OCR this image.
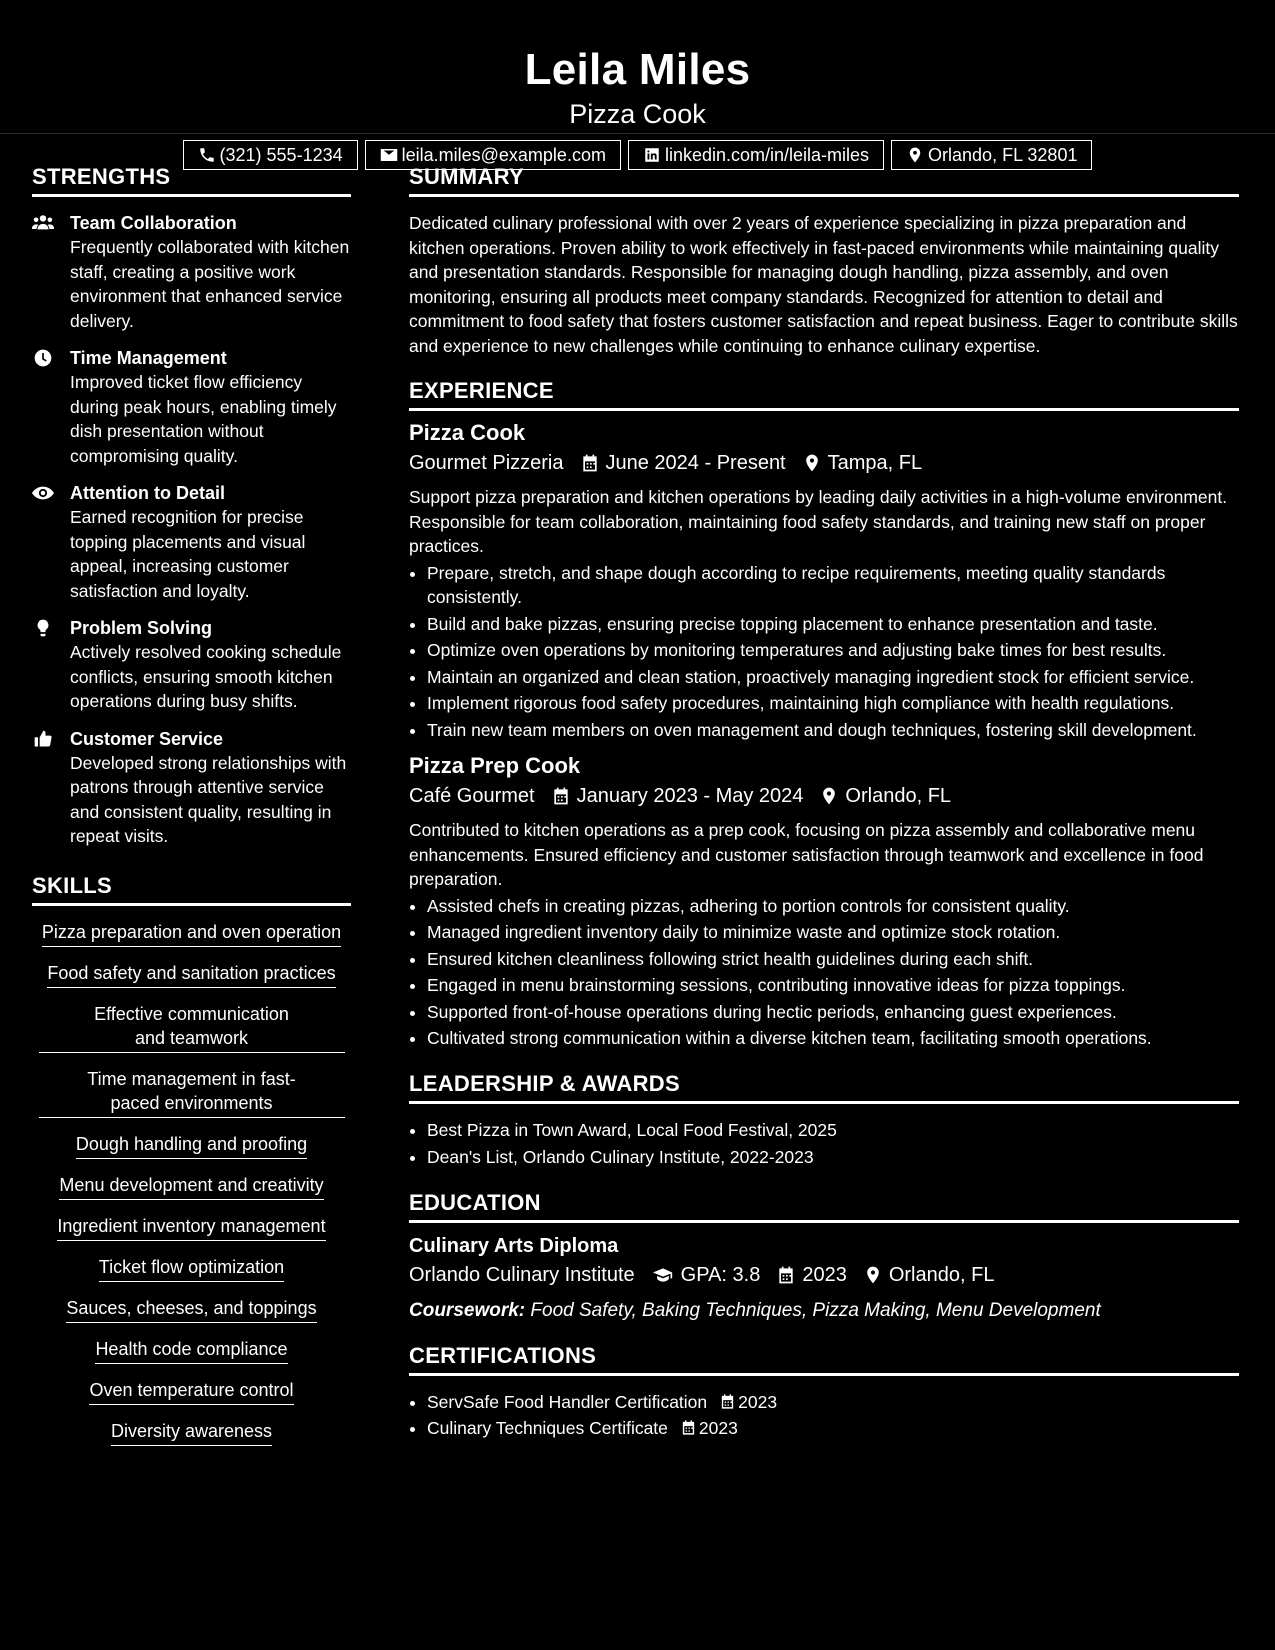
Leila Miles
Pizza Cook
(321) 555-1234	leila.miles@example.com	linkedin.com/in/leila-miles	Orlando, FL 32801
STRENGTHS
Team Collaboration
Frequently collaborated with kitchen staff, creating a positive work environment that enhanced service delivery.
Time Management
Improved ticket flow efficiency during peak hours, enabling timely dish presentation without compromising quality.
Attention to Detail
Earned recognition for precise topping placements and visual appeal, increasing customer satisfaction and loyalty.
Problem Solving
Actively resolved cooking schedule conflicts, ensuring smooth kitchen operations during busy shifts.
Customer Service
Developed strong relationships with patrons through attentive service and consistent quality, resulting in repeat visits.
SKILLS
Pizza preparation and oven operation
Food safety and sanitation practices
Effective communication and teamwork
Time management in fast-paced environments
Dough handling and proofing
Menu development and creativity
Ingredient inventory management
Ticket flow optimization
Sauces, cheeses, and toppings
Health code compliance
Oven temperature control
Diversity awareness
SUMMARY
Dedicated culinary professional with over 2 years of experience specializing in pizza preparation and kitchen operations. Proven ability to work effectively in fast-paced environments while maintaining quality and presentation standards. Responsible for managing dough handling, pizza assembly, and oven monitoring, ensuring all products meet company standards. Recognized for attention to detail and commitment to food safety that fosters customer satisfaction and repeat business. Eager to contribute skills and experience to new challenges while continuing to enhance culinary expertise.
EXPERIENCE
Pizza Cook
Gourmet Pizzeria June 2024 - Present Tampa, FL
Support pizza preparation and kitchen operations by leading daily activities in a high-volume environment. Responsible for team collaboration, maintaining food safety standards, and training new staff on proper practices.
• Prepare, stretch, and shape dough according to recipe requirements, meeting quality standards consistently.
• Build and bake pizzas, ensuring precise topping placement to enhance presentation and taste.
• Optimize oven operations by monitoring temperatures and adjusting bake times for best results.
• Maintain an organized and clean station, proactively managing ingredient stock for efficient service.
• Implement rigorous food safety procedures, maintaining high compliance with health regulations.
• Train new team members on oven management and dough techniques, fostering skill development.
Pizza Prep Cook
Café Gourmet January 2023 - May 2024 Orlando, FL
Contributed to kitchen operations as a prep cook, focusing on pizza assembly and collaborative menu enhancements. Ensured efficiency and customer satisfaction through teamwork and excellence in food preparation.
• Assisted chefs in creating pizzas, adhering to portion controls for consistent quality.
• Managed ingredient inventory daily to minimize waste and optimize stock rotation.
• Ensured kitchen cleanliness following strict health guidelines during each shift.
• Engaged in menu brainstorming sessions, contributing innovative ideas for pizza toppings.
• Supported front-of-house operations during hectic periods, enhancing guest experiences.
• Cultivated strong communication within a diverse kitchen team, facilitating smooth operations.
LEADERSHIP & AWARDS
• Best Pizza in Town Award, Local Food Festival, 2025
• Dean's List, Orlando Culinary Institute, 2022-2023
EDUCATION
Culinary Arts Diploma
Orlando Culinary Institute GPA: 3.8 2023 Orlando, FL
Coursework: Food Safety, Baking Techniques, Pizza Making, Menu Development
CERTIFICATIONS
• ServSafe Food Handler Certification 2023
• Culinary Techniques Certificate 2023
